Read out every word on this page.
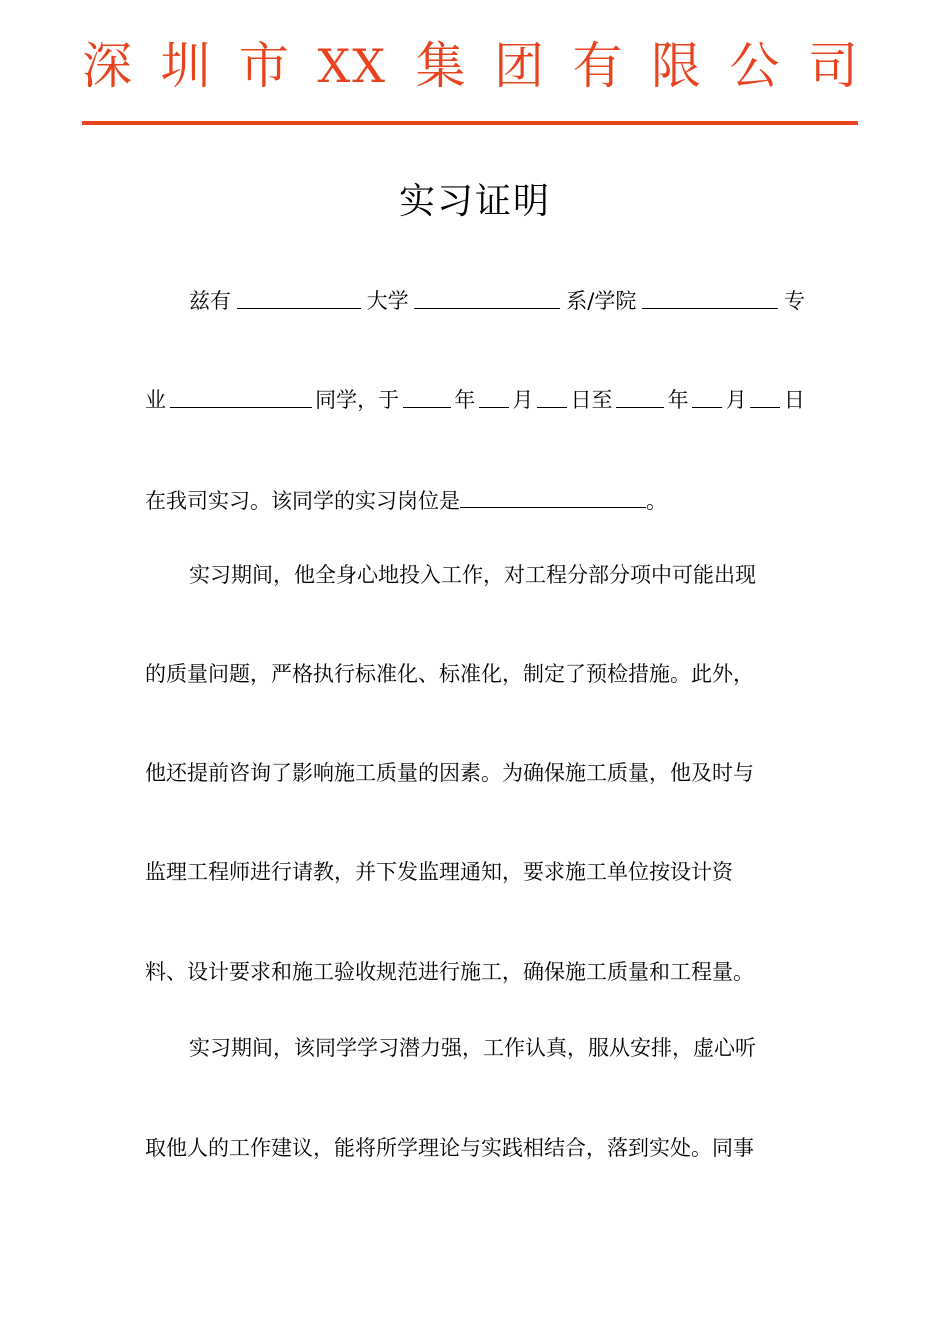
深 圳 市 XX 集 团 有 限 公 司
实习证明
兹有	大学	系/学院	专
业	同学，于	年 月 日至	年 月 日
在我司实习。该同学的实习岗位是	。
实习期间，他全身心地投入工作，对工程分部分项中可能出现
的质量问题，严格执行标准化、标准化，制定了预检措施。此外，
他还提前咨询了影响施工质量的因素。为确保施工质量，他及时与
监理工程师进行请教，并下发监理通知，要求施工单位按设计资
料、设计要求和施工验收规范进行施工，确保施工质量和工程量。
实习期间，该同学学习潜力强，工作认真，服从安排，虚心听
取他人的工作建议，能将所学理论与实践相结合，落到实处。同事
